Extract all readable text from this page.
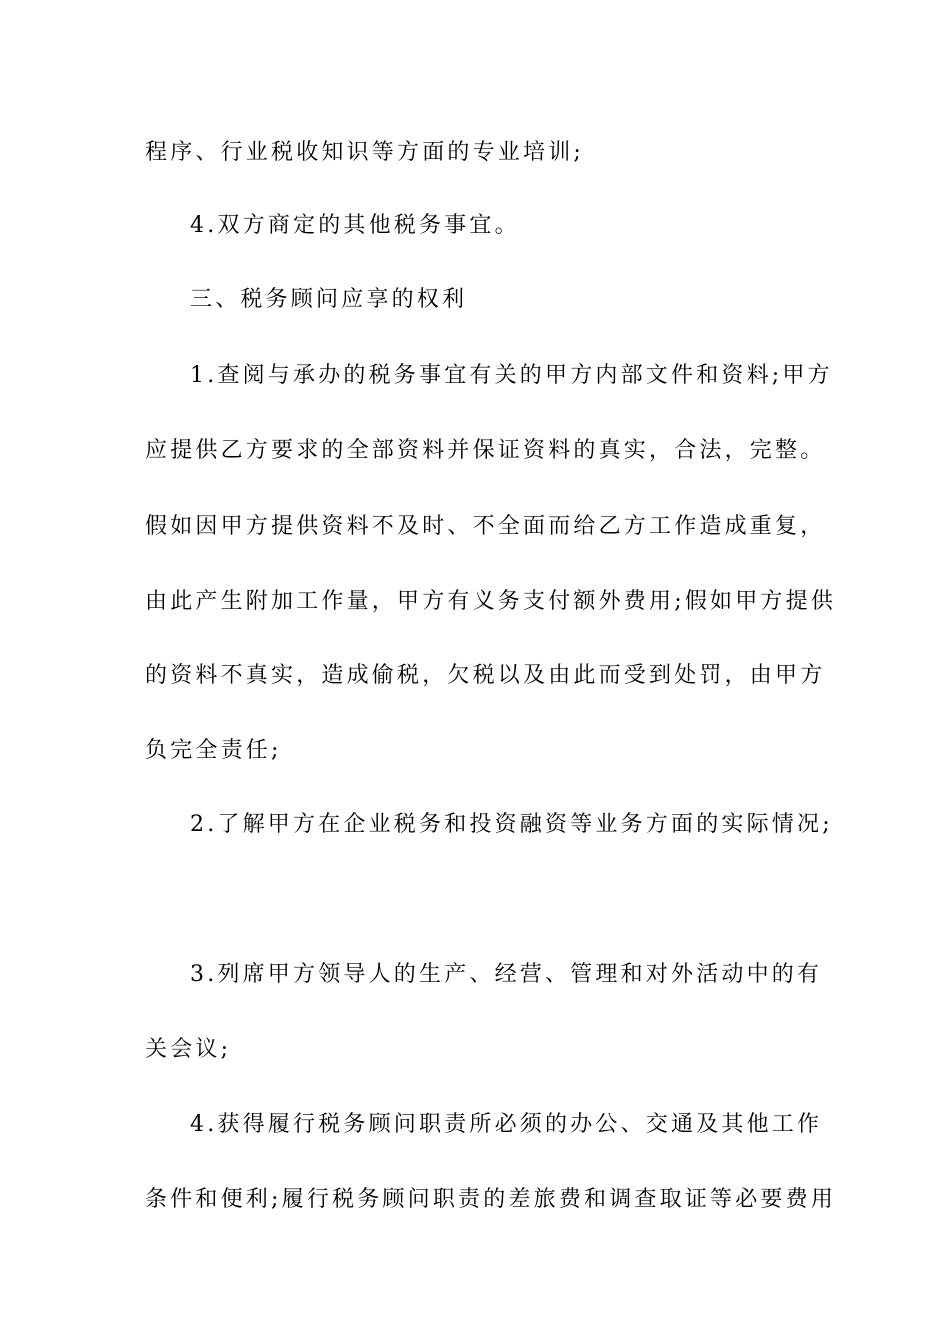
程序、行业税收知识等方面的专业培训;
4.双方商定的其他税务事宜。
三、税务顾问应享的权利
1.查阅与承办的税务事宜有关的甲方内部文件和资料;甲方
应提供乙方要求的全部资料并保证资料的真实，合法，完整。
假如因甲方提供资料不及时、不全面而给乙方工作造成重复，
由此产生附加工作量，甲方有义务支付额外费用;假如甲方提供
的资料不真实，造成偷税，欠税以及由此而受到处罚，由甲方
负完全责任;
2.了解甲方在企业税务和投资融资等业务方面的实际情况;
3.列席甲方领导人的生产、经营、管理和对外活动中的有
关会议;
4.获得履行税务顾问职责所必须的办公、交通及其他工作
条件和便利;履行税务顾问职责的差旅费和调查取证等必要费用
